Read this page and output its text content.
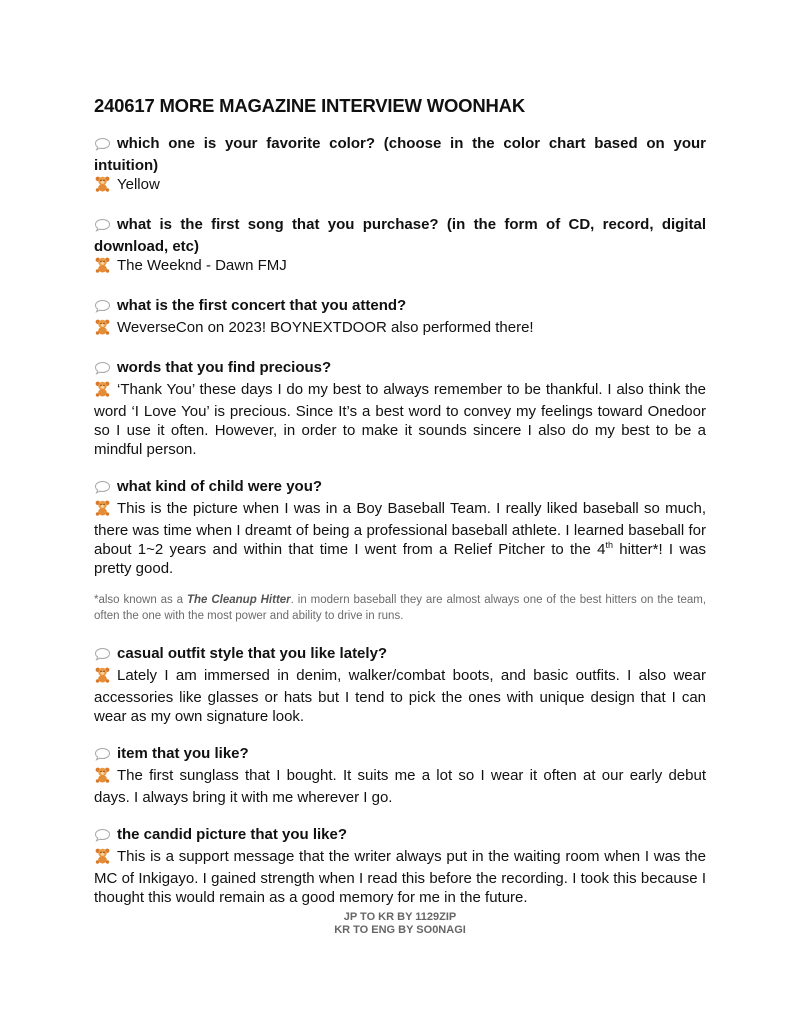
240617 MORE MAGAZINE INTERVIEW WOONHAK
which one is your favorite color? (choose in the color chart based on your intuition)
Yellow
what is the first song that you purchase? (in the form of CD, record, digital download, etc)
The Weeknd - Dawn FMJ
what is the first concert that you attend?
WeverseCon on 2023! BOYNEXTDOOR also performed there!
words that you find precious?
‘Thank You’ these days I do my best to always remember to be thankful. I also think the word ‘I Love You’ is precious. Since It’s a best word to convey my feelings toward Onedoor so I use it often. However, in order to make it sounds sincere I also do my best to be a mindful person.
what kind of child were you?
This is the picture when I was in a Boy Baseball Team. I really liked baseball so much, there was time when I dreamt of being a professional baseball athlete. I learned baseball for about 1~2 years and within that time I went from a Relief Pitcher to the 4th hitter*! I was pretty good.
*also known as a The Cleanup Hitter. in modern baseball they are almost always one of the best hitters on the team, often the one with the most power and ability to drive in runs.
casual outfit style that you like lately?
Lately I am immersed in denim, walker/combat boots, and basic outfits. I also wear accessories like glasses or hats but I tend to pick the ones with unique design that I can wear as my own signature look.
item that you like?
The first sunglass that I bought. It suits me a lot so I wear it often at our early debut days. I always bring it with me wherever I go.
the candid picture that you like?
This is a support message that the writer always put in the waiting room when I was the MC of Inkigayo. I gained strength when I read this before the recording. I took this because I thought this would remain as a good memory for me in the future.
JP TO KR BY 1129ZIP
KR TO ENG BY SO0NAGI
